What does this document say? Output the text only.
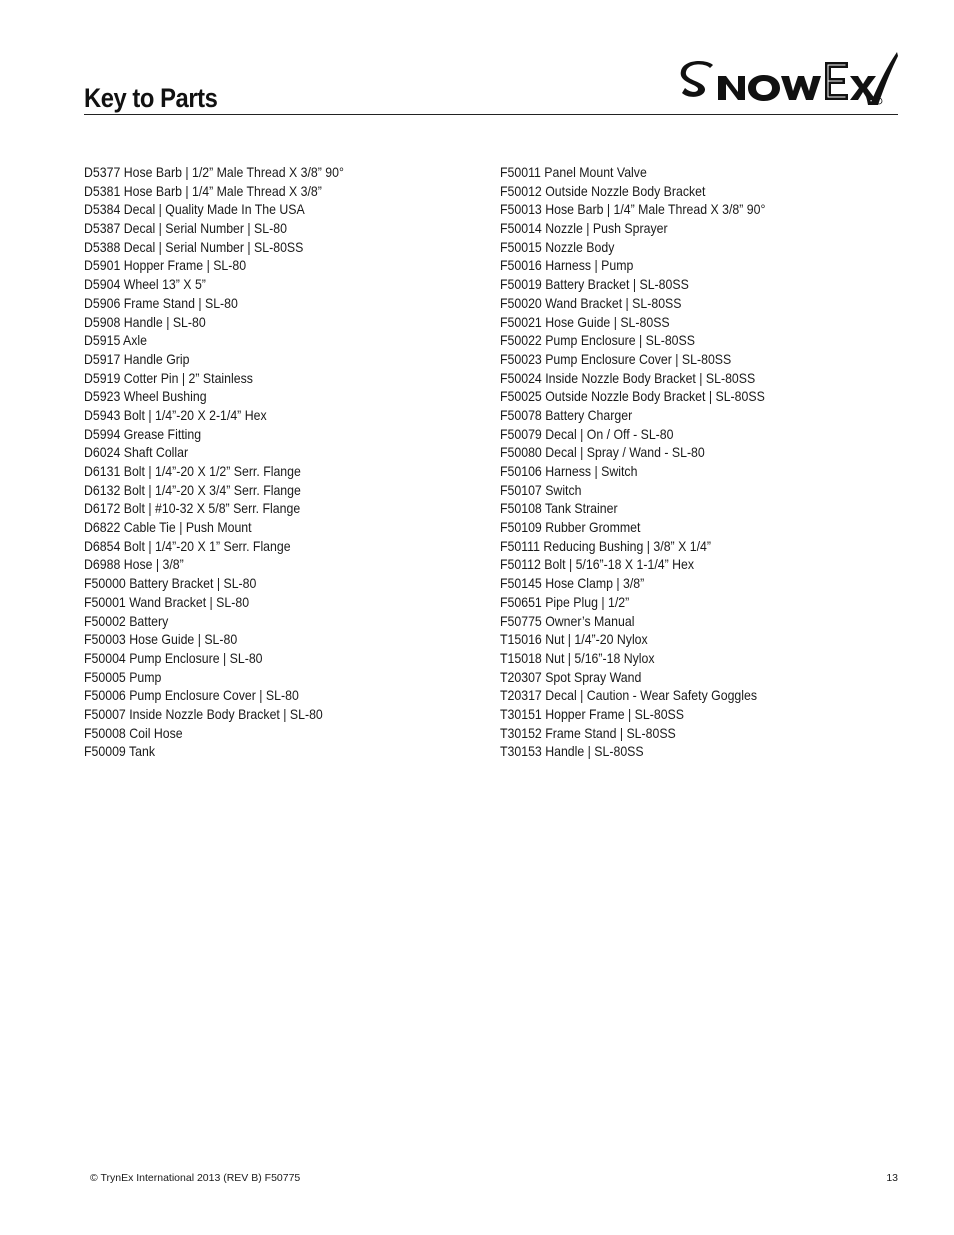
Key to Parts
D5377 Hose Barb | 1/2” Male Thread X 3/8” 90°
D5381 Hose Barb | 1/4” Male Thread X 3/8”
D5384 Decal | Quality Made In The USA
D5387 Decal | Serial Number | SL-80
D5388 Decal | Serial Number | SL-80SS
D5901 Hopper Frame | SL-80
D5904 Wheel 13” X 5”
D5906 Frame Stand | SL-80
D5908 Handle | SL-80
D5915 Axle
D5917 Handle Grip
D5919 Cotter Pin | 2” Stainless
D5923 Wheel Bushing
D5943 Bolt | 1/4”-20 X 2-1/4” Hex
D5994 Grease Fitting
D6024 Shaft Collar
D6131 Bolt | 1/4”-20 X 1/2” Serr. Flange
D6132 Bolt | 1/4”-20 X 3/4” Serr. Flange
D6172 Bolt | #10-32 X 5/8” Serr. Flange
D6822 Cable Tie | Push Mount
D6854 Bolt | 1/4”-20 X 1” Serr. Flange
D6988 Hose | 3/8”
F50000 Battery Bracket | SL-80
F50001 Wand Bracket | SL-80
F50002 Battery
F50003 Hose Guide | SL-80
F50004 Pump Enclosure | SL-80
F50005 Pump
F50006 Pump Enclosure Cover | SL-80
F50007 Inside Nozzle Body Bracket | SL-80
F50008 Coil Hose
F50009 Tank
F50011 Panel Mount Valve
F50012 Outside Nozzle Body Bracket
F50013 Hose Barb | 1/4” Male Thread X 3/8” 90°
F50014 Nozzle | Push Sprayer
F50015 Nozzle Body
F50016 Harness | Pump
F50019 Battery Bracket | SL-80SS
F50020 Wand Bracket | SL-80SS
F50021 Hose Guide | SL-80SS
F50022 Pump Enclosure | SL-80SS
F50023 Pump Enclosure Cover | SL-80SS
F50024 Inside Nozzle Body Bracket | SL-80SS
F50025 Outside Nozzle Body Bracket | SL-80SS
F50078 Battery Charger
F50079 Decal | On / Off - SL-80
F50080 Decal | Spray / Wand - SL-80
F50106 Harness | Switch
F50107 Switch
F50108 Tank Strainer
F50109 Rubber Grommet
F50111 Reducing Bushing | 3/8” X 1/4”
F50112 Bolt | 5/16”-18 X 1-1/4” Hex
F50145 Hose Clamp | 3/8”
F50651 Pipe Plug | 1/2”
F50775 Owner’s Manual
T15016 Nut | 1/4”-20 Nylox
T15018 Nut | 5/16”-18 Nylox
T20307 Spot Spray Wand
T20317 Decal | Caution - Wear Safety Goggles
T30151 Hopper Frame | SL-80SS
T30152 Frame Stand | SL-80SS
T30153 Handle | SL-80SS
© TrynEx International 2013 (REV B) F50775	13
